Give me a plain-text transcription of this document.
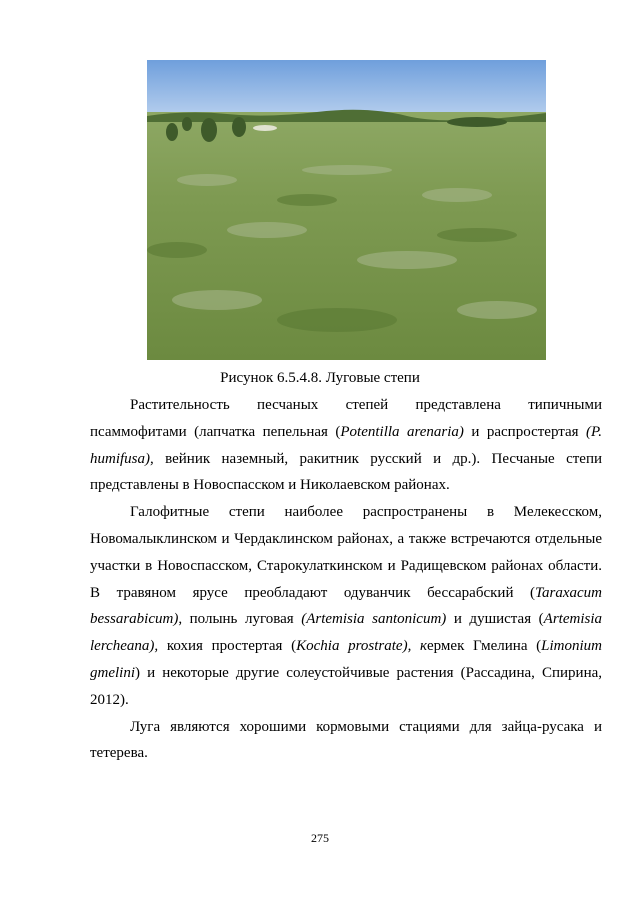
Рисунок 6.5.4.8. Луговые степи

Растительность песчаных степей представлена типичными псаммофитами (лапчатка пепельная (Potentilla arenaria) и распростертая (P. humifusa), вейник наземный, ракитник русский и др.). Песчаные степи представлены в Новоспасском и Николаевском районах.

Галофитные степи наиболее распространены в Мелекесском, Новомалыклинском и Чердаклинском районах, а также встречаются отдельные участки в Новоспасском, Старокулаткинском и Радищевском районах области. В травяном ярусе преобладают одуванчик бессарабский (Taraxacum bessarabicum), полынь луговая (Artemisia santonicum) и душистая (Artemisia lercheana), кохия простертая (Kochia prostrate), кермек Гмелина (Limonium gmelini) и некоторые другие солеустойчивые растения (Рассадина, Спирина, 2012).

Луга являются хорошими кормовыми стациями для зайца-русака и тетерева.

275
